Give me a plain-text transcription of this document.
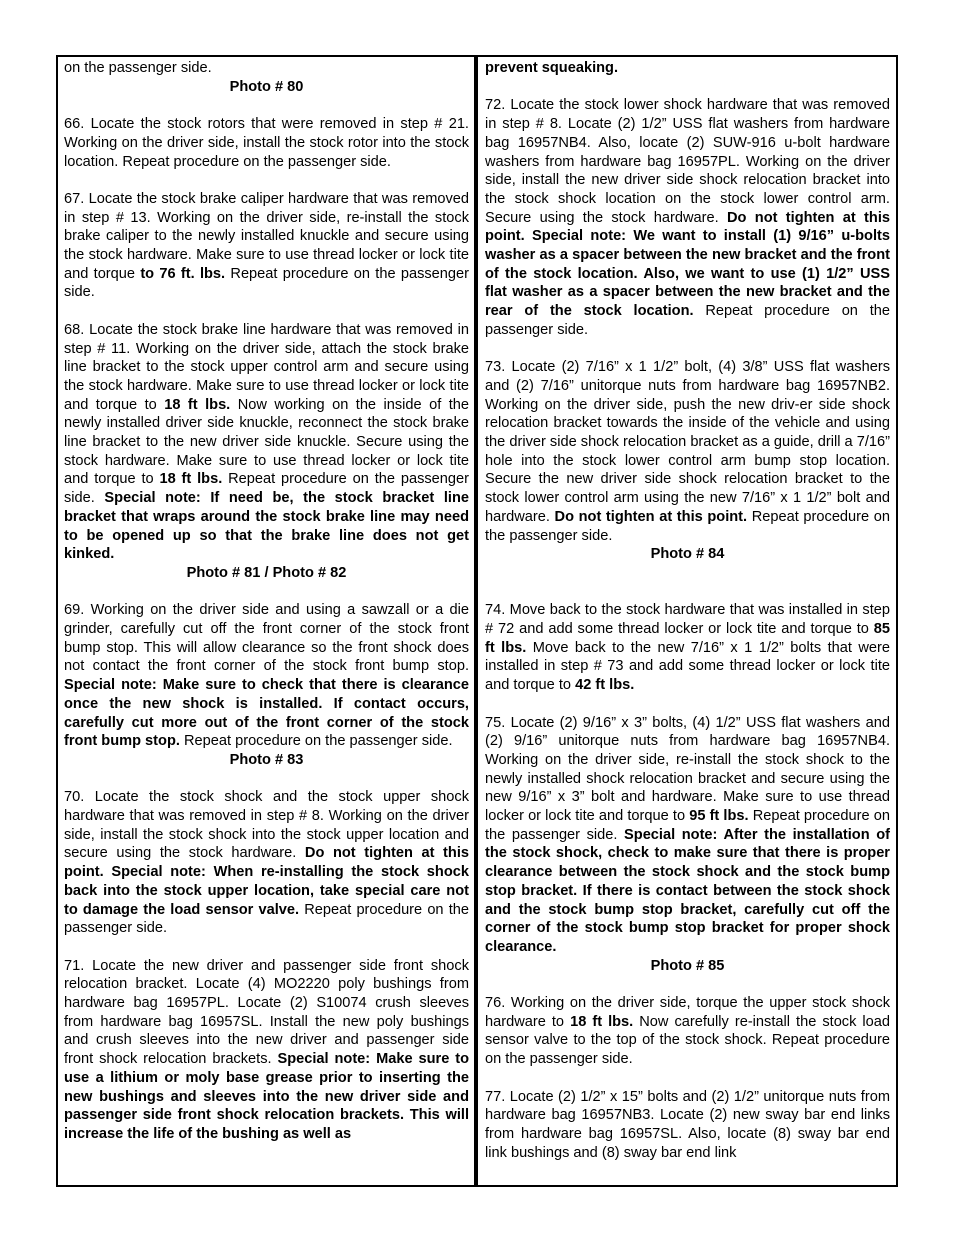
on the passenger side.

Photo # 80

66. Locate the stock rotors that were removed in step # 21. Working on the driver side, install the stock rotor into the stock location. Repeat procedure on the passenger side.

67. Locate the stock brake caliper hardware that was removed in step # 13. Working on the driver side, re-install the stock brake caliper to the newly installed knuckle and secure using the stock hardware. Make sure to use thread locker or lock tite and torque to 76 ft. lbs. Repeat procedure on the passenger side.

68. Locate the stock brake line hardware that was removed in step # 11. Working on the driver side, attach the stock brake line bracket to the stock upper control arm and secure using the stock hardware. Make sure to use thread locker or lock tite and torque to 18 ft lbs. Now working on the inside of the newly installed driver side knuckle, reconnect the stock brake line bracket to the new driver side knuckle. Secure using the stock hardware. Make sure to use thread locker or lock tite and torque to 18 ft lbs. Repeat procedure on the passenger side. Special note: If need be, the stock bracket line bracket that wraps around the stock brake line may need to be opened up so that the brake line does not get kinked.

Photo # 81 / Photo # 82

69. Working on the driver side and using a sawzall or a die grinder, carefully cut off the front corner of the stock front bump stop. This will allow clearance so the front shock does not contact the front corner of the stock front bump stop. Special note: Make sure to check that there is clearance once the new shock is installed. If contact occurs, carefully cut more out of the front corner of the stock front bump stop. Repeat procedure on the passenger side.

Photo # 83

70. Locate the stock shock and the stock upper shock hardware that was removed in step # 8. Working on the driver side, install the stock shock into the stock upper location and secure using the stock hardware. Do not tighten at this point. Special note: When re-installing the stock shock back into the stock upper location, take special care not to damage the load sensor valve. Repeat procedure on the passenger side.

71. Locate the new driver and passenger side front shock relocation bracket. Locate (4) MO2220 poly bushings from hardware bag 16957PL. Locate (2) S10074 crush sleeves from hardware bag 16957SL. Install the new poly bushings and crush sleeves into the new driver and passenger side front shock relocation brackets. Special note: Make sure to use a lithium or moly base grease prior to inserting the new bushings and sleeves into the new driver side and passenger side front shock relocation brackets. This will increase the life of the bushing as well as

prevent squeaking.

72. Locate the stock lower shock hardware that was removed in step # 8. Locate (2) 1/2” USS flat washers from hardware bag 16957NB4. Also, locate (2) SUW-916 u-bolt hardware washers from hardware bag 16957PL. Working on the driver side, install the new driver side shock relocation bracket into the stock shock location on the stock lower control arm. Secure using the stock hardware. Do not tighten at this point. Special note: We want to install (1) 9/16” u-bolts washer as a spacer between the new bracket and the front of the stock location. Also, we want to use (1) 1/2” USS flat washer as a spacer between the new bracket and the rear of the stock location. Repeat procedure on the passenger side.

73. Locate (2) 7/16” x 1 1/2” bolt, (4) 3/8” USS flat washers and (2) 7/16” unitorque nuts from hardware bag 16957NB2. Working on the driver side, push the new driv-er side shock relocation bracket towards the inside of the vehicle and using the driver side shock relocation bracket as a guide, drill a 7/16” hole into the stock lower control arm bump stop location. Secure the new driver side shock relocation bracket to the stock lower control arm using the new 7/16” x 1 1/2” bolt and hardware. Do not tighten at this point. Repeat procedure on the passenger side.

Photo # 84

74. Move back to the stock hardware that was installed in step # 72 and add some thread locker or lock tite and torque to 85 ft lbs. Move back to the new 7/16” x 1 1/2” bolts that were installed in step # 73 and add some thread locker or lock tite and torque to 42 ft lbs.

75. Locate (2) 9/16” x 3” bolts, (4) 1/2” USS flat washers and (2) 9/16” unitorque nuts from hardware bag 16957NB4. Working on the driver side, re-install the stock shock to the newly installed shock relocation bracket and secure using the new 9/16” x 3” bolt and hardware. Make sure to use thread locker or lock tite and torque to 95 ft lbs. Repeat procedure on the passenger side. Special note: After the installation of the stock shock, check to make sure that there is proper clearance between the stock shock and the stock bump stop bracket. If there is contact between the stock shock and the stock bump stop bracket, carefully cut off the corner of the stock bump stop bracket for proper shock clearance.

Photo # 85

76. Working on the driver side, torque the upper stock shock hardware to 18 ft lbs. Now carefully re-install the stock load sensor valve to the top of the stock shock. Repeat procedure on the passenger side.

77. Locate (2) 1/2” x 15” bolts and (2) 1/2” unitorque nuts from hardware bag 16957NB3. Locate (2) new sway bar end links from hardware bag 16957SL. Also, locate (8) sway bar end link bushings and (8) sway bar end link
